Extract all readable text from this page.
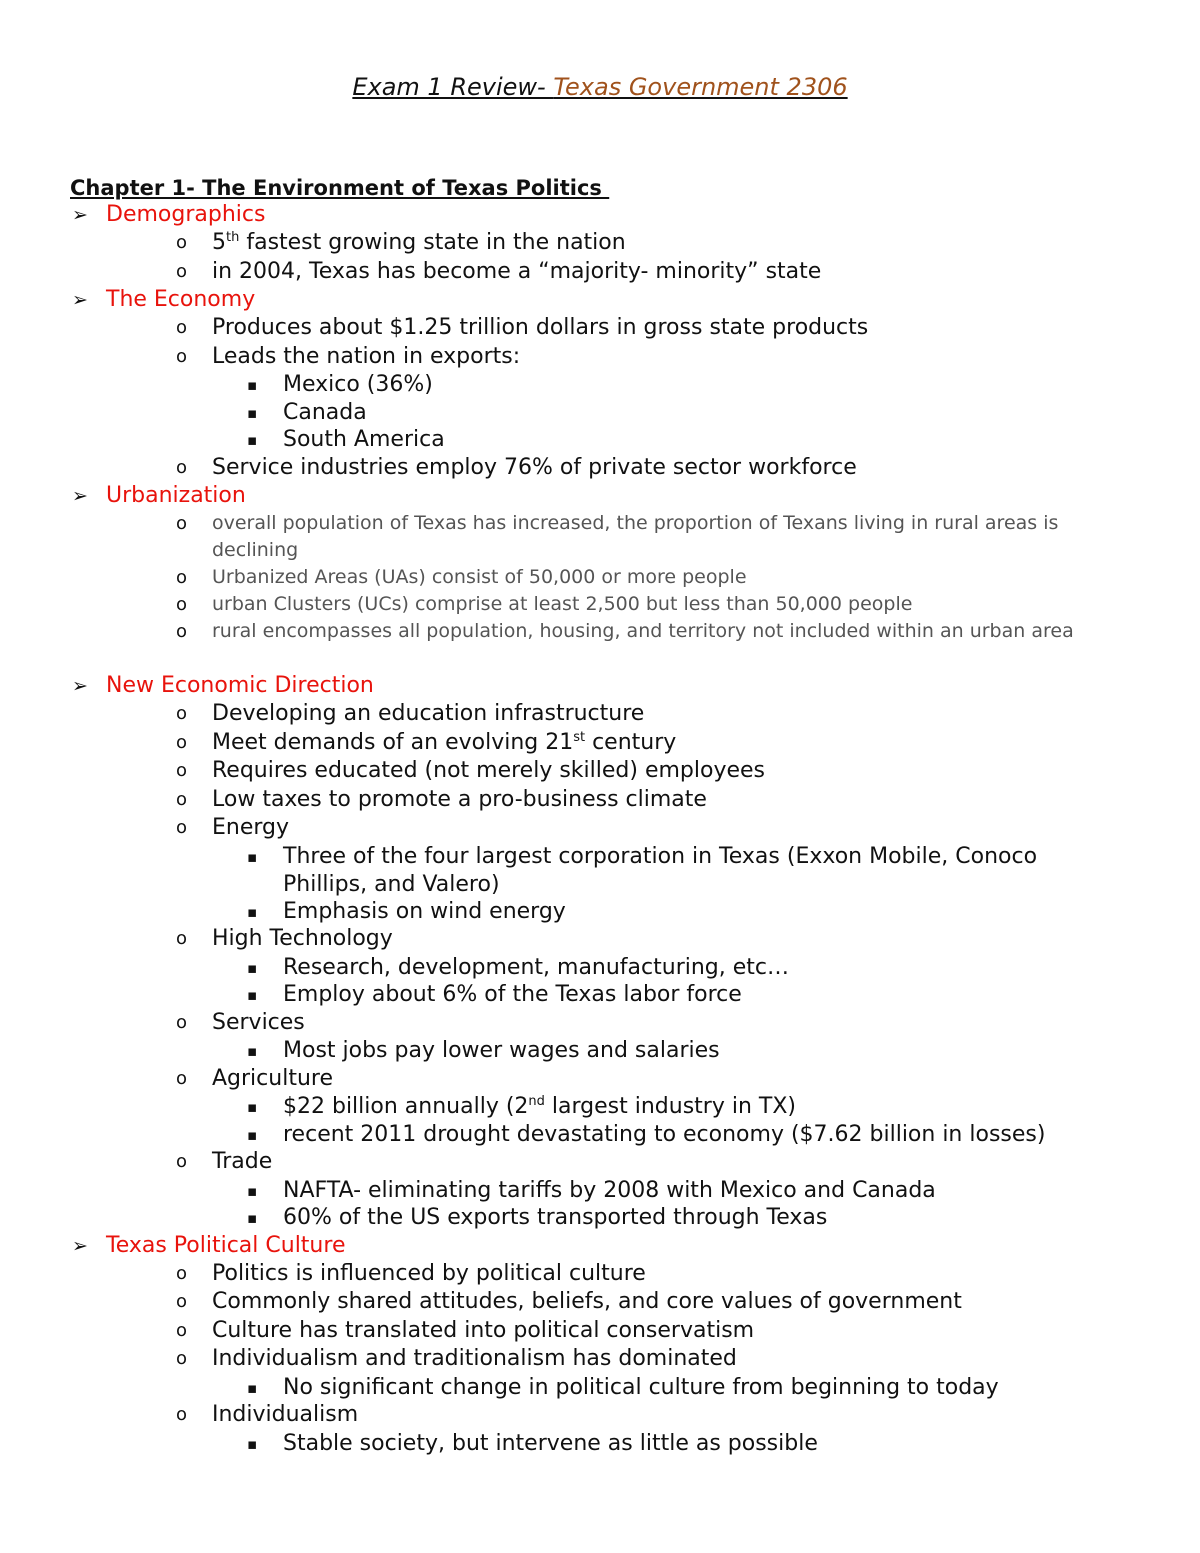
Exam 1 Review- Texas Government 2306
Chapter 1- The Environment of Texas Politics
➢ Demographics
o	5th fastest growing state in the nation
o	in 2004, Texas has become a “majority- minority” state
➢ The Economy
o	Produces about $1.25 trillion dollars in gross state products
o	Leads the nation in exports:
▪	Mexico (36%)
▪	Canada
▪	South America
o	Service industries employ 76% of private sector workforce
➢ Urbanization
o	overall population of Texas has increased, the proportion of Texans living in rural areas is declining
o	Urbanized Areas (UAs) consist of 50,000 or more people
o	urban Clusters (UCs) comprise at least 2,500 but less than 50,000 people
o	rural encompasses all population, housing, and territory not included within an urban area
➢ New Economic Direction
o	Developing an education infrastructure
o	Meet demands of an evolving 21st century
o	Requires educated (not merely skilled) employees
o	Low taxes to promote a pro-business climate
o	Energy
▪	Three of the four largest corporation in Texas (Exxon Mobile, Conoco Phillips, and Valero)
▪	Emphasis on wind energy
o	High Technology
▪	Research, development, manufacturing, etc…
▪	Employ about 6% of the Texas labor force
o	Services
▪	Most jobs pay lower wages and salaries
o	Agriculture
▪	$22 billion annually (2nd largest industry in TX)
▪	recent 2011 drought devastating to economy ($7.62 billion in losses)
o	Trade
▪	NAFTA- eliminating tariffs by 2008 with Mexico and Canada
▪	60% of the US exports transported through Texas
➢ Texas Political Culture
o	Politics is influenced by political culture
o	Commonly shared attitudes, beliefs, and core values of government
o	Culture has translated into political conservatism
o	Individualism and traditionalism has dominated
▪	No significant change in political culture from beginning to today
o	Individualism
▪	Stable society, but intervene as little as possible
